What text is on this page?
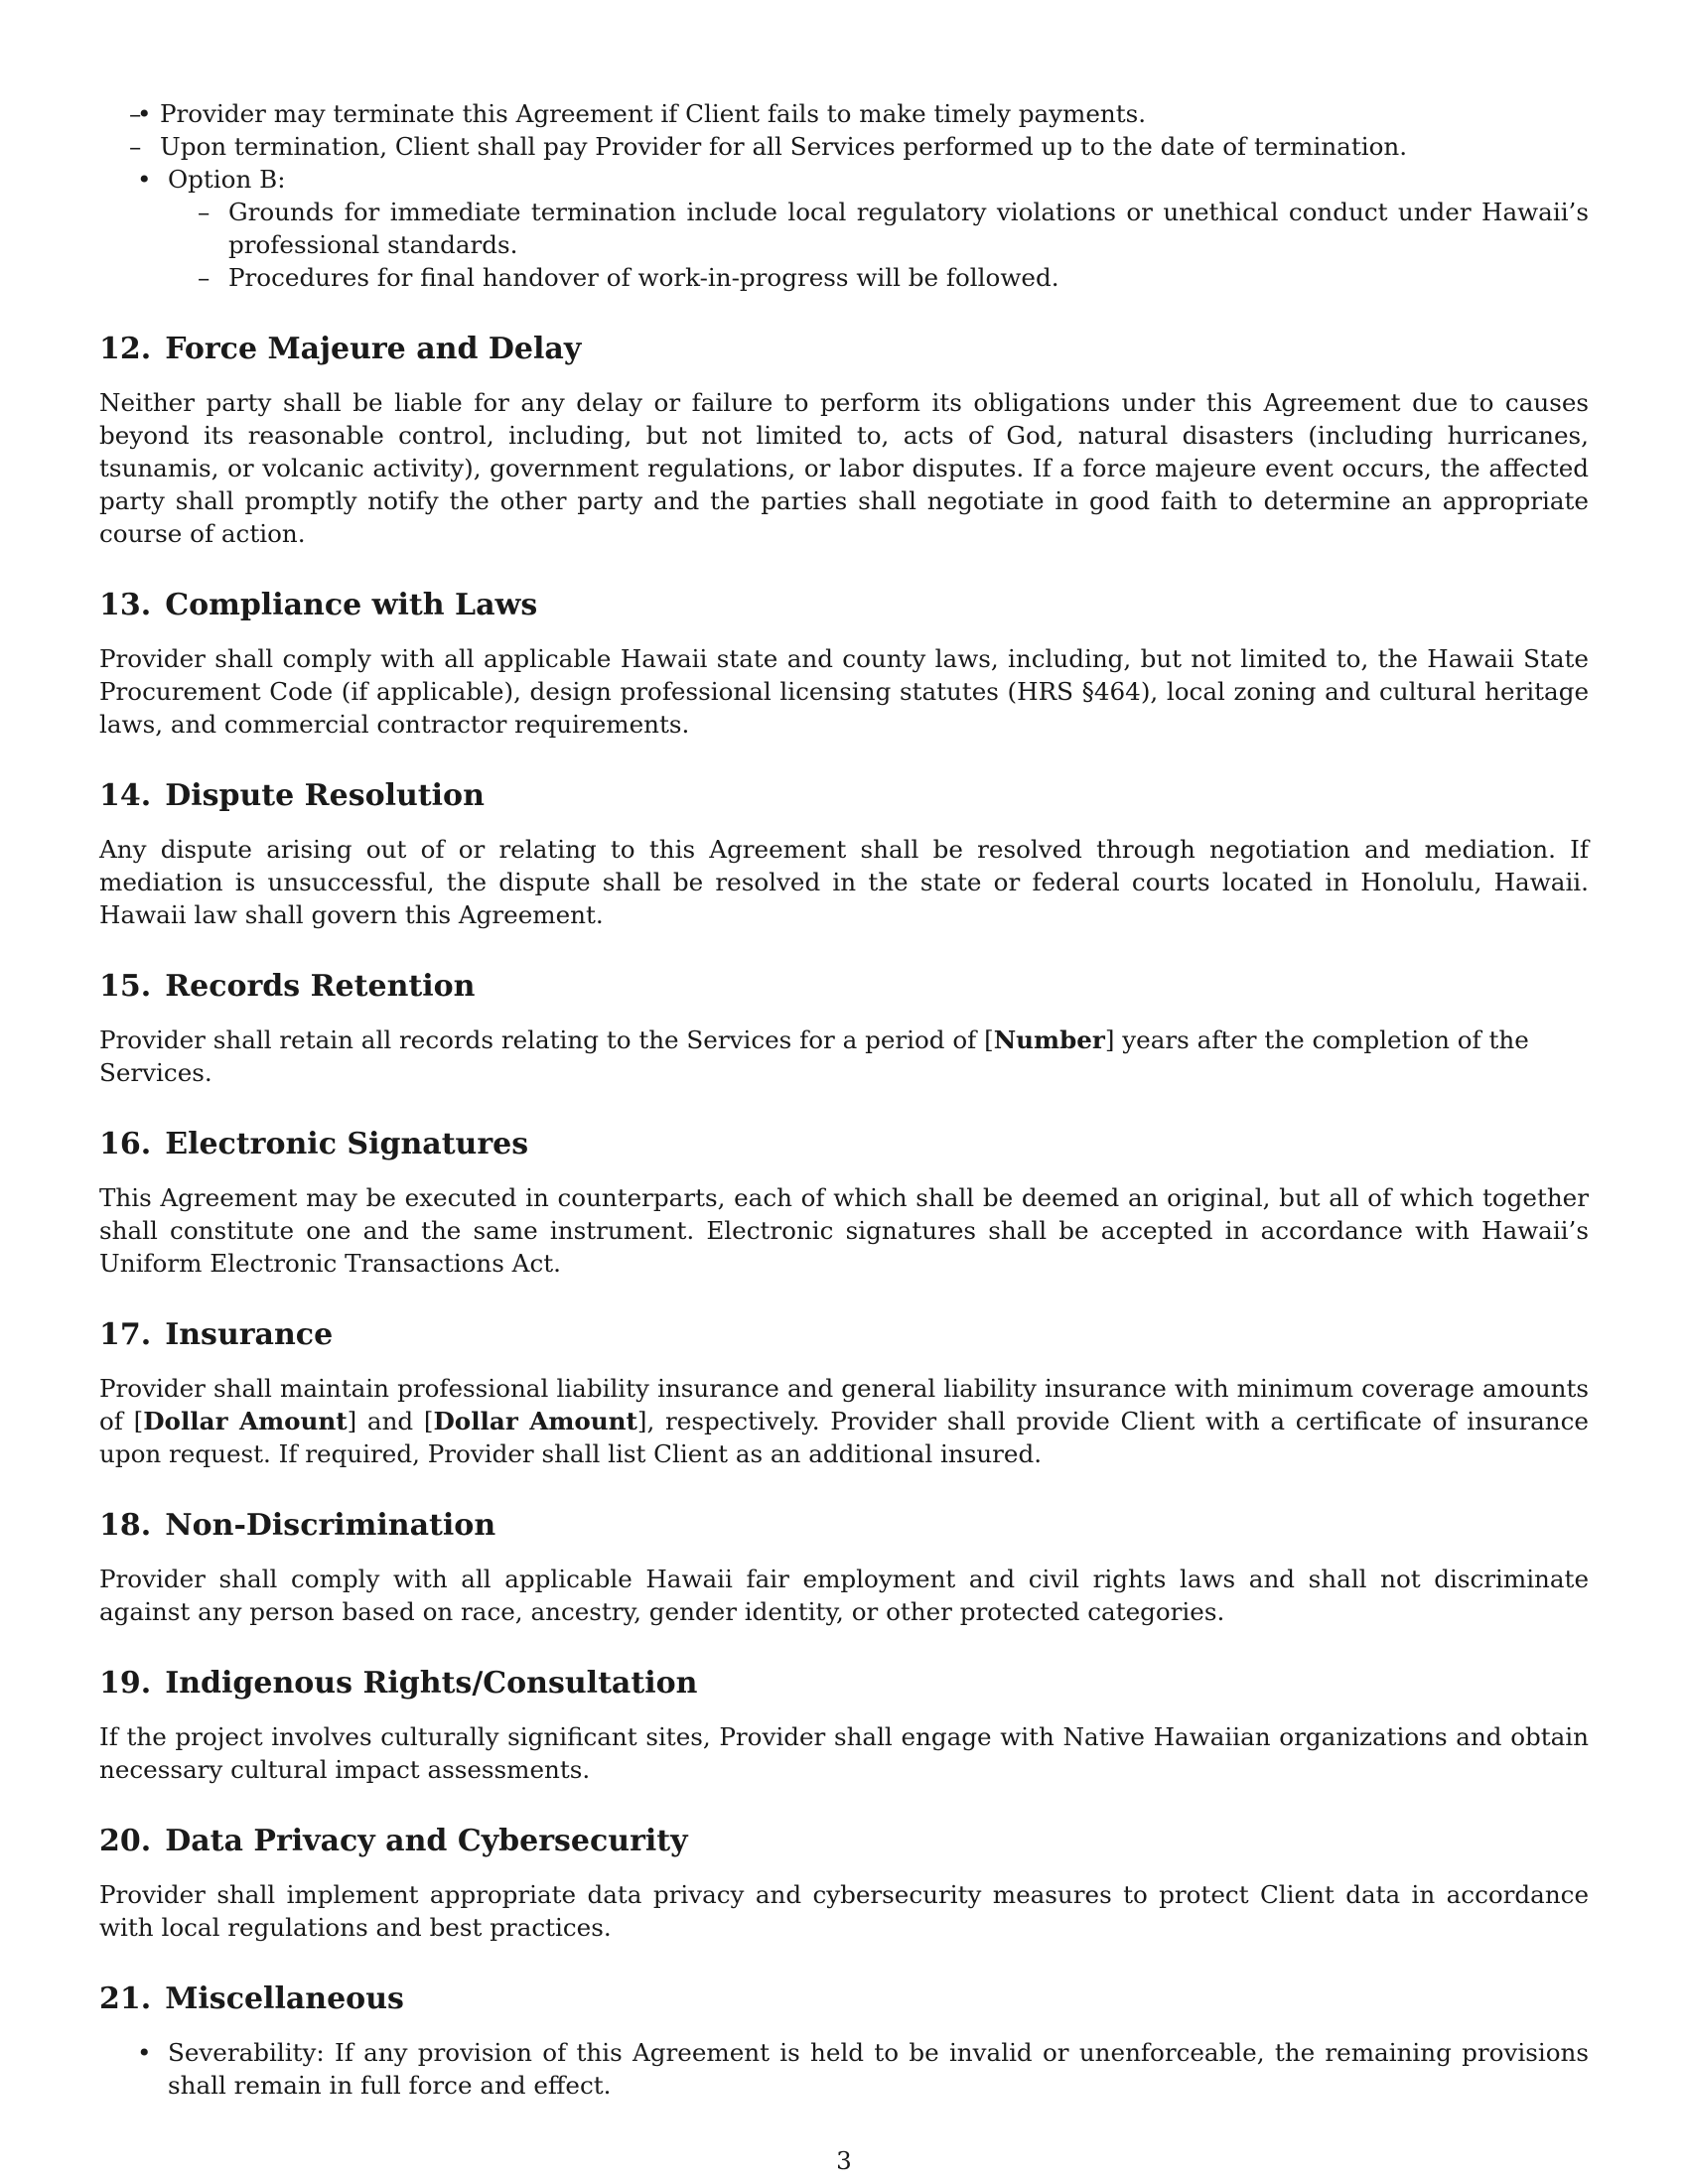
– • Provider may terminate this Agreement if Client fails to make timely payments.
– Upon termination, Client shall pay Provider for all Services performed up to the date of termination.
• Option B:
– Grounds for immediate termination include local regulatory violations or unethical conduct under Hawaii’s professional standards.
– Procedures for final handover of work-in-progress will be followed.
12. Force Majeure and Delay

Neither party shall be liable for any delay or failure to perform its obligations under this Agreement due to causes beyond its reasonable control, including, but not limited to, acts of God, natural disasters (including hurricanes, tsunamis, or volcanic activity), government regulations, or labor disputes. If a force majeure event occurs, the affected party shall promptly notify the other party and the parties shall negotiate in good faith to determine an appropriate course of action.

13. Compliance with Laws

Provider shall comply with all applicable Hawaii state and county laws, including, but not limited to, the Hawaii State Procurement Code (if applicable), design professional licensing statutes (HRS §464), local zoning and cultural heritage laws, and commercial contractor requirements.

14. Dispute Resolution

Any dispute arising out of or relating to this Agreement shall be resolved through negotiation and mediation. If mediation is unsuccessful, the dispute shall be resolved in the state or federal courts located in Honolulu, Hawaii. Hawaii law shall govern this Agreement.

15. Records Retention

Provider shall retain all records relating to the Services for a period of [Number] years after the completion of the Services.

16. Electronic Signatures

This Agreement may be executed in counterparts, each of which shall be deemed an original, but all of which together shall constitute one and the same instrument. Electronic signatures shall be accepted in accordance with Hawaii’s Uniform Electronic Transactions Act.

17. Insurance

Provider shall maintain professional liability insurance and general liability insurance with minimum coverage amounts of [Dollar Amount] and [Dollar Amount], respectively. Provider shall provide Client with a certificate of insurance upon request. If required, Provider shall list Client as an additional insured.

18. Non-Discrimination

Provider shall comply with all applicable Hawaii fair employment and civil rights laws and shall not discriminate against any person based on race, ancestry, gender identity, or other protected categories.

19. Indigenous Rights/Consultation

If the project involves culturally significant sites, Provider shall engage with Native Hawaiian organizations and obtain necessary cultural impact assessments.

20. Data Privacy and Cybersecurity

Provider shall implement appropriate data privacy and cybersecurity measures to protect Client data in accordance with local regulations and best practices.

21. Miscellaneous
• Severability: If any provision of this Agreement is held to be invalid or unenforceable, the remaining provisions shall remain in full force and effect.
3
